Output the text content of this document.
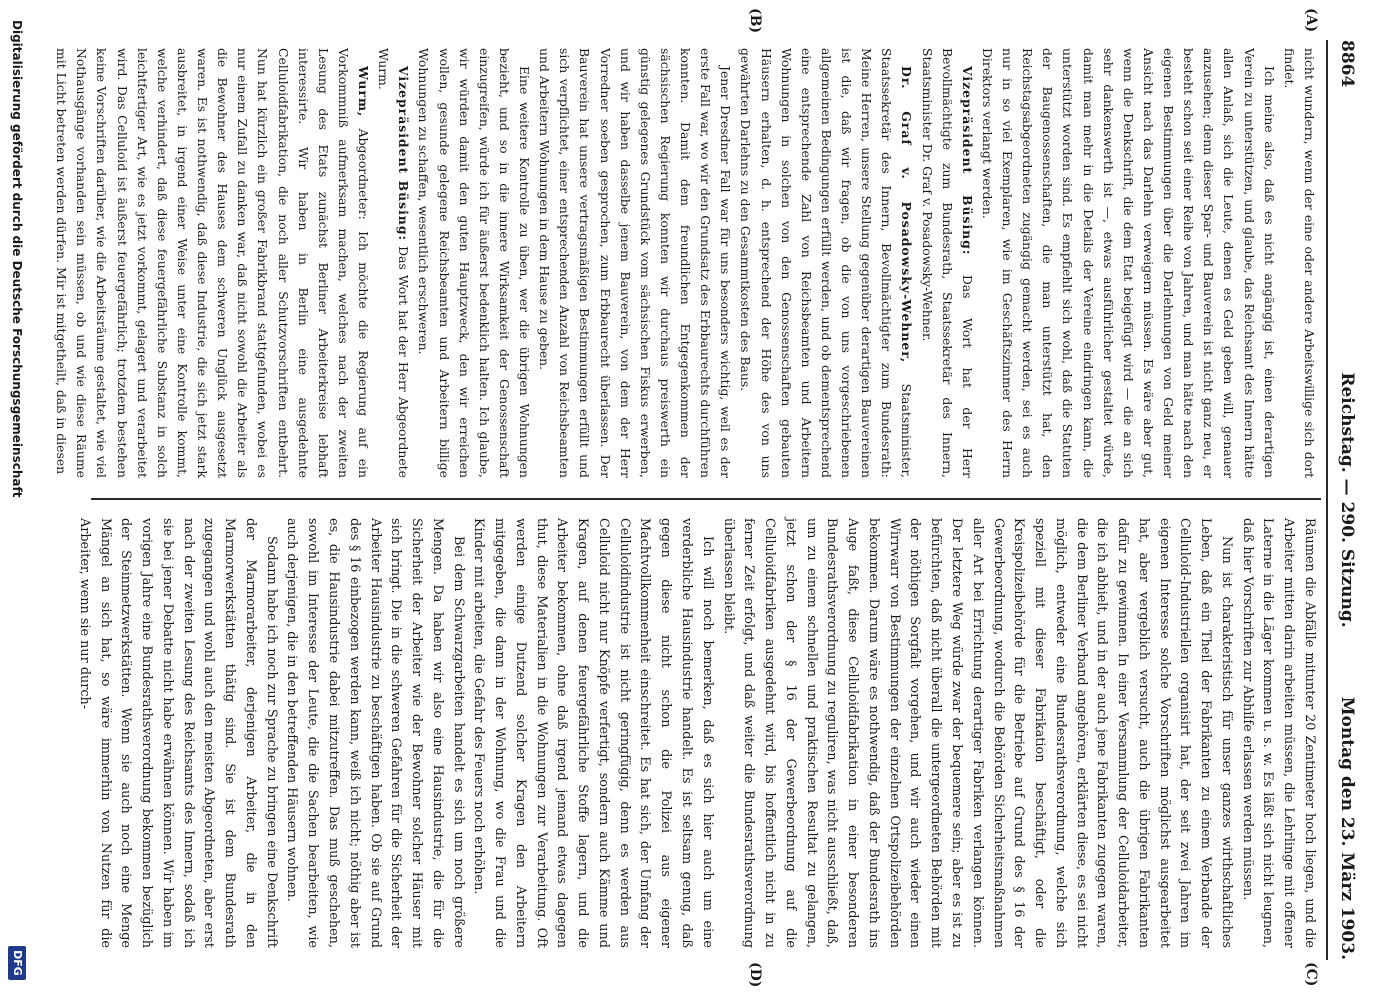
8864
Reichstag. — 290. Sitzung.
Montag den 23. März 1903.
(A)
(B)
(C)
(D)

nicht wundern, wenn der eine oder andere Arbeitswillige sich dort findet.

Ich meine also, daß es nicht angängig ist, einen derartigen Verein zu unterstützen, und glaube, das Reichsamt des Innern hätte allen Anlaß, sich die Leute, denen es Geld geben will, genauer anzusehen; denn dieser Spar- und Bauverein ist nicht ganz neu, er besteht schon seit einer Reihe von Jahren, und man hätte nach den eigenen Bestimmungen über die Darlehnungen von Geld meiner Ansicht nach das Darlehn verweigern müssen. Es wäre aber gut, wenn die Denkschrift, die dem Etat beigefügt wird — die an sich sehr dankenswerth ist —, etwas ausführlicher gestaltet würde, damit man mehr in die Details der Vereine eindringen kann, die unterstützt worden sind. Es empfiehlt sich wohl, daß die Statuten der Baugenossenschaften, die man unterstützt hat, den Reichstagsabgeordneten zugängig gemacht werden, sei es auch nur in so viel Exemplaren, wie im Geschäftszimmer des Herrn Direktors verlangt werden.

Vizepräsident Büsing: Das Wort hat der Herr Bevollmächtigte zum Bundesrath, Staatssekretär des Innern, Staatsminister Dr. Graf v. Posadowsky-Wehner.

Dr. Graf v. Posadowsky-Wehner, Staatsminister, Staatssekretär des Innern, Bevollmächtigter zum Bundesrath: Meine Herren, unsere Stellung gegenüber derartigen Bauvereinen ist die, daß wir fragen, ob die von uns vorgeschriebenen allgemeinen Bedingungen erfüllt werden, und ob dementsprechend eine entsprechende Zahl von Reichsbeamten und Arbeitern Wohnungen in solchen von den Genossenschaften gebauten Häusern erhalten, d. h. entsprechend der Höhe des von uns gewährten Darlehns zu den Gesammtkosten des Baus.

Jener Dresdner Fall war für uns besonders wichtig, weil es der erste Fall war, wo wir den Grundsatz des Erbbaurechts durchführen konnten. Damit dem freundlichen Entgegenkommen der sächsischen Regierung konnten wir durchaus preiswerth ein günstig gelegenes Grundstück vom sächsischen Fiskus erwerben, und wir haben dasselbe jenem Bauverein, von dem der Herr Vorredner soeben gesprochen, zum Erbbaurecht überlassen. Der Bauverein hat unsere vertragsmäßigen Bestimmungen erfüllt und sich verpflichtet, einer entsprechenden Anzahl von Reichsbeamten und Arbeitern Wohnungen in dem Hause zu geben.

Eine weitere Kontrolle zu üben, wer die übrigen Wohnungen bezieht, und so in die innere Wirksamkeit der Genossenschaft einzugreifen, würde ich für äußerst bedenklich halten. Ich glaube, wir würden damit den guten Hauptzweck, den wir erreichen wollen, gesunde gelegene Reichsbeamten und Arbeitern billige Wohnungen zu schaffen, wesentlich erschweren.

Vizepräsident Büsing: Das Wort hat der Herr Abgeordnete Wurm.

Wurm, Abgeordneter: Ich möchte die Regierung auf ein Vorkommniß aufmerksam machen, welches nach der zweiten Lesung des Etats zunächst Berliner Arbeiterkreise lebhaft interessirte. Wir haben in Berlin eine ausgedehnte Celluloidfabrikation, die noch aller Schutzvorschriften entbehrt. Nun hat kürzlich ein großer Fabrikbrand stattgefunden, wobei es nur einem Zufall zu danken war, daß nicht sowohl die Arbeiter als die Bewohner des Hauses dem schweren Unglück ausgesetzt waren. Es ist nothwendig, daß diese Industrie, die sich jetzt stark ausbreitet, in irgend einer Weise unter eine Kontrolle kommt, welche verhindert, daß diese feuergefährliche Substanz in solch leichtfertiger Art, wie es jetzt vorkommt, gelagert und verarbeitet wird. Das Celluloid ist äußerst feuergefährlich; trotzdem bestehen keine Vorschriften darüber, wie die Arbeitsräume gestaltet, wie viel Nothausgänge vorhanden sein müssen, ob und wie diese Räume mit Licht betreten werden dürfen. Mir ist mitgetheilt, daß in diesen

Räumen die Abfälle mitunter 20 Zentimeter hoch liegen, und die Arbeiter mitten darin arbeiten müssen, die Lehrlinge mit offener Laterne in die Läger kommen u. s. w. Es läßt sich nicht leugnen, daß hier Vorschriften zur Abhilfe erlassen werden müssen.

Nun ist charakteristisch für unser ganzes wirthschaftliches Leben, daß ein Theil der Fabrikanten zu einem Verbande der Celluloid-Industriellen organisirt hat, der seit zwei Jahren im eigenen Interesse solche Vorschriften möglichst ausgearbeitet hat, aber vergeblich versucht, auch die übrigen Fabrikanten dafür zu gewinnen. In einer Versammlung der Celluloidarbeiter, die ich abhielt, und in der auch jene Fabrikanten zugegen waren, die dem Berliner Verband angehören, erklärten diese, es sei nicht möglich, entweder eine Bundesrathsverordnung, welche sich speziell mit dieser Fabrikation beschäftigt, oder die Kreispolizeibehörde für die Betriebe auf Grund des § 16 der Gewerbeordnung, wodurch die Behörden Sicherheitsmaßnahmen aller Art bei Errichtung derartiger Fabriken verlangen können. Der letztere Weg würde zwar der bequemere sein; aber es ist zu befürchten, daß nicht überall die untergeordneten Behörden mit der nöthigen Sorgfalt vorgehen, und wir auch wieder einen Wirrwarr von Bestimmungen der einzelnen Ortspolizeibehörden bekommen. Darum wäre es nothwendig, daß der Bundesrath ins Auge faßt, diese Celluloidfabrikation in einer besonderen Bundesrathsverordnung zu reguliren, was nicht ausschließt, daß, um zu einem schnellen und praktischen Resultat zu gelangen, jetzt schon der § 16 der Gewerbeordnung auf die Celluloidfabriken ausgedehnt wird, bis hoffentlich nicht in zu ferner Zeit erfolgt, und daß weiter die Bundesrathsverordnung überlassen bleibt.

Ich will noch bemerken, daß es sich hier auch um eine verderbliche Hausindustrie handelt. Es ist seltsam genug, daß gegen diese nicht schon die Polizei aus eigener Machtvollkommenheit einschreitet. Es hat sich, der Umfang der Celluloidindustrie ist nicht geringfügig, denn es werden aus Celluloid nicht nur Knöpfe verfertigt, sondern auch Kämme und Kragen, auf denen feuergefährliche Stoffe lagern, und die Arbeiter bekommen, ohne daß irgend jemand etwas dagegen thut, diese Materialien in die Wohnungen zur Verarbeitung. Oft werden einige Dutzend solcher Kragen den Arbeitern mitgegeben, die dann in der Wohnung, wo die Frau und die Kinder mit arbeiten, die Gefahr des Feuers noch erhöhen.

Bei dem Schwarzgarbeiten handelt es sich um noch größere Mengen. Da haben wir also eine Hausindustrie, die für die Sicherheit der Arbeiter wie der Bewohner solcher Häuser mit sich bringt. Die in die schweren Gefahren für die Sicherheit der Arbeiter Hausindustrie zu beschäftigen haben. Ob sie auf Grund des § 16 einbezogen werden kann, weiß ich nicht; nöthig aber ist es, die Hausindustrie dabei mitzutreffen. Das muß geschehen, sowohl im Interesse der Leute, die die Sachen bearbeiten, wie auch derjenigen, die in den betreffenden Häusern wohnen.

Sodann habe ich noch zur Sprache zu bringen eine Denkschrift der Marmorarbeiter, derjenigen Arbeiter, die in den Marmorwerkstätten thätig sind. Sie ist dem Bundesrath zugegangen und wohl auch den meisten Abgeordneten, aber erst nach der zweiten Lesung des Reichsamts des Innern, sodaß ich sie bei jener Debatte nicht habe erwähnen können. Wir haben im vorigen Jahre eine Bundesrathsverordnung bekommen bezüglich der Steinmetzwerkstätten. Wenn sie auch noch eine Menge Mängel an sich hat, so wäre immerhin von Nutzen für die Arbeiter, wenn sie nur durch-

Digitalisierung gefördert durch die Deutsche Forschungsgemeinschaft
DFG
